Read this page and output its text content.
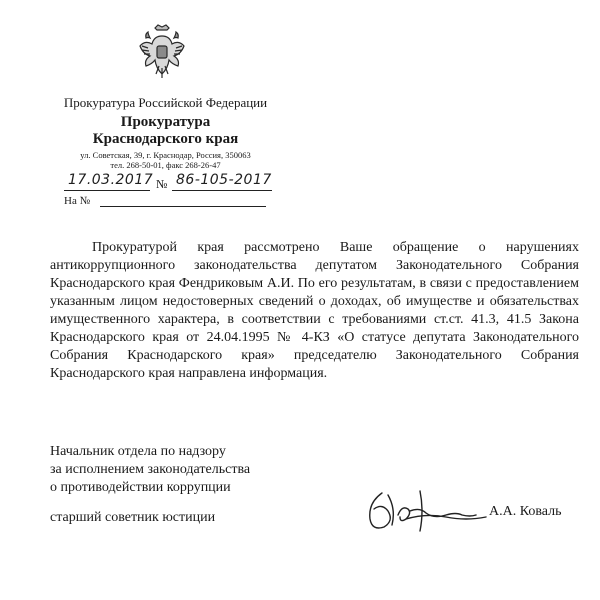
Прокуратура Российской Федерации
Прокуратура
Краснодарского края
ул. Советская, 39, г. Краснодар, Россия, 350063
тел. 268-50-01, факс 268-26-47
17.03.2017 № 86-105-2017
На №
Прокуратурой края рассмотрено Ваше обращение о нарушениях антикоррупционного законодательства депутатом Законодательного Собрания Краснодарского края Фендриковым А.И. По его результатам, в связи с предоставлением указанным лицом недостоверных сведений о доходах, об имуществе и обязательствах имущественного характера, в соответствии с требованиями ст.ст. 41.3, 41.5 Закона Краснодарского края от 24.04.1995 № 4-КЗ «О статусе депутата Законодательного Собрания Краснодарского края» председателю Законодательного Собрания Краснодарского края направлена информация.
Начальник отдела по надзору
за исполнением законодательства
о противодействии коррупции
старший советник юстиции	А.А. Коваль
